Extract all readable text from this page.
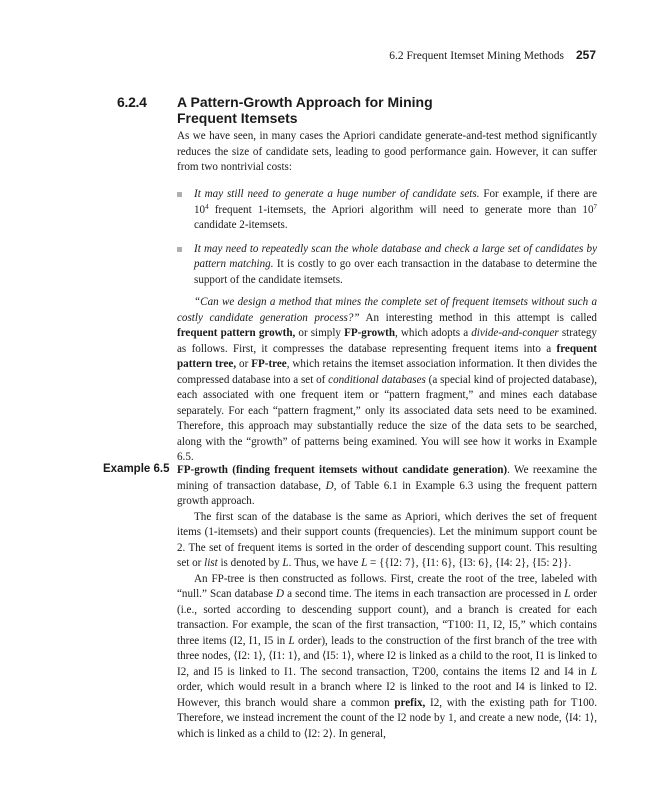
6.2 Frequent Itemset Mining Methods 257
6.2.4 A Pattern-Growth Approach for Mining Frequent Itemsets

As we have seen, in many cases the Apriori candidate generate-and-test method significantly reduces the size of candidate sets, leading to good performance gain. However, it can suffer from two nontrivial costs:

It may still need to generate a huge number of candidate sets. For example, if there are $10^4$ frequent 1-itemsets, the Apriori algorithm will need to generate more than $10^7$ candidate 2-itemsets.
It may need to repeatedly scan the whole database and check a large set of candidates by pattern matching. It is costly to go over each transaction in the database to determine the support of the candidate itemsets.

“Can we design a method that mines the complete set of frequent itemsets without such a costly candidate generation process?” An interesting method in this attempt is called frequent pattern growth, or simply FP-growth, which adopts a divide-and-conquer strategy as follows. First, it compresses the database representing frequent items into a frequent pattern tree, or FP-tree, which retains the itemset association information. It then divides the compressed database into a set of conditional databases (a special kind of projected database), each associated with one frequent item or “pattern fragment,” and mines each database separately. For each “pattern fragment,” only its associated data sets need to be examined. Therefore, this approach may substantially reduce the size of the data sets to be searched, along with the “growth” of patterns being examined. You will see how it works in Example 6.5.

Example 6.5 FP-growth (finding frequent itemsets without candidate generation). We reexamine the mining of transaction database, D, of Table 6.1 in Example 6.3 using the frequent pattern growth approach.

The first scan of the database is the same as Apriori, which derives the set of frequent items (1-itemsets) and their support counts (frequencies). Let the minimum support count be 2. The set of frequent items is sorted in the order of descending support count. This resulting set or list is denoted by L. Thus, we have L = {{I2: 7}, {I1: 6}, {I3: 6}, {I4: 2}, {I5: 2}}.

An FP-tree is then constructed as follows. First, create the root of the tree, labeled with “null.” Scan database D a second time. The items in each transaction are processed in L order (i.e., sorted according to descending support count), and a branch is created for each transaction. For example, the scan of the first transaction, “T100: I1, I2, I5,” which contains three items (I2, I1, I5 in L order), leads to the construction of the first branch of the tree with three nodes, ⟨I2: 1⟩, ⟨I1: 1⟩, and ⟨I5: 1⟩, where I2 is linked as a child to the root, I1 is linked to I2, and I5 is linked to I1. The second transaction, T200, contains the items I2 and I4 in L order, which would result in a branch where I2 is linked to the root and I4 is linked to I2. However, this branch would share a common prefix, I2, with the existing path for T100. Therefore, we instead increment the count of the I2 node by 1, and create a new node, ⟨I4: 1⟩, which is linked as a child to ⟨I2: 2⟩. In general,
